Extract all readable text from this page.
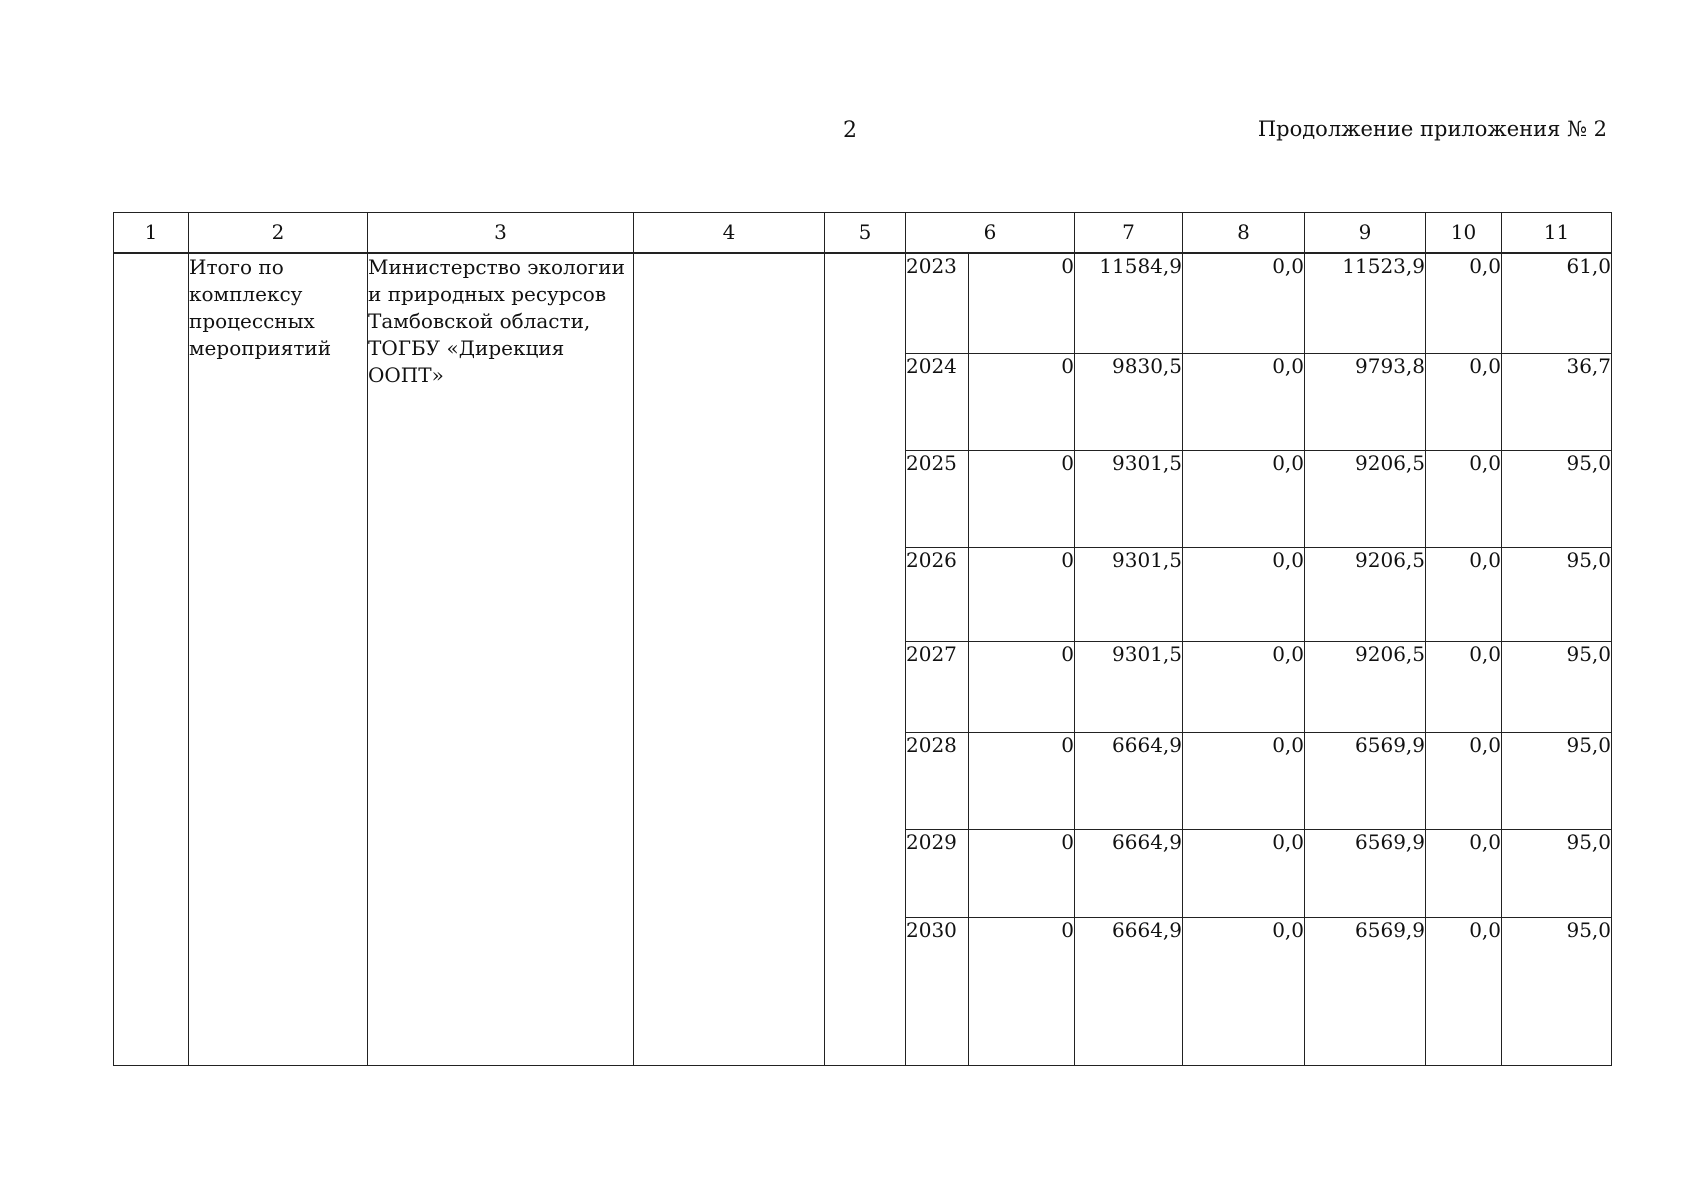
2	Продолжение приложения № 2
1	2	3	4	5	6		7	8	9	10	11
	Итого по комплексу процессных мероприятий	Министерство экологии и природных ресурсов Тамбовской области, ТОГБУ «Дирекция ООПТ»			2023	0	11584,9	0,0	11523,9	0,0	61,0
					2024	0	9830,5	0,0	9793,8	0,0	36,7
					2025	0	9301,5	0,0	9206,5	0,0	95,0
					2026	0	9301,5	0,0	9206,5	0,0	95,0
					2027	0	9301,5	0,0	9206,5	0,0	95,0
					2028	0	6664,9	0,0	6569,9	0,0	95,0
					2029	0	6664,9	0,0	6569,9	0,0	95,0
					2030	0	6664,9	0,0	6569,9	0,0	95,0
